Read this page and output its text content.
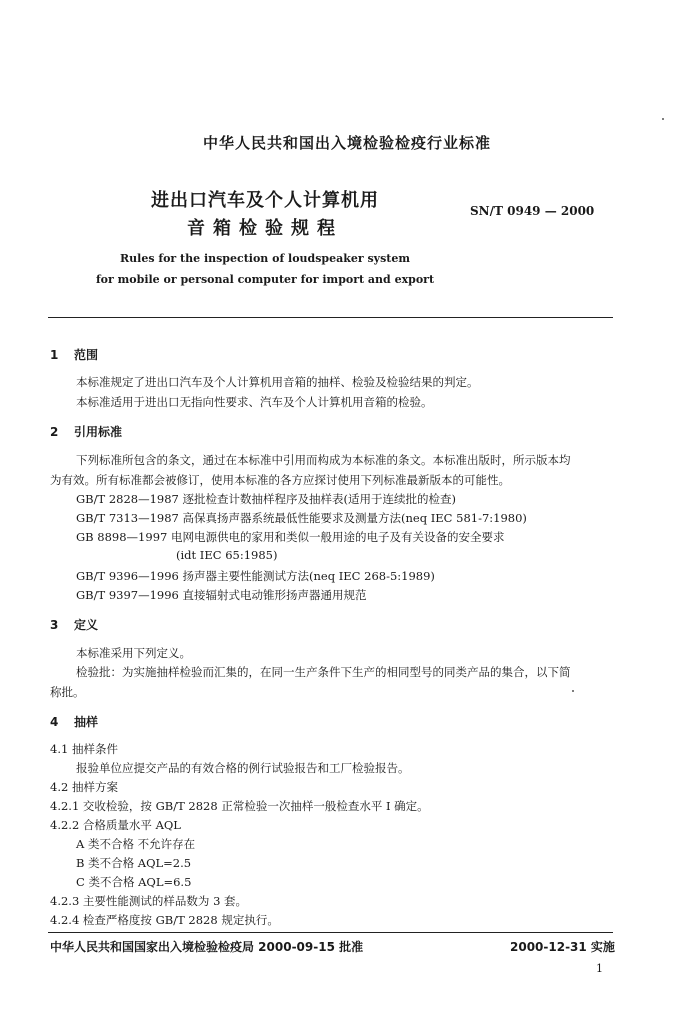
中华人民共和国出入境检验检疫行业标准
进出口汽车及个人计算机用
音箱检验规程
SN/T 0949 — 2000
Rules for the inspection of loudspeaker system
for mobile or personal computer for import and export
1 范围
本标准规定了进出口汽车及个人计算机用音箱的抽样、检验及检验结果的判定。
本标准适用于进出口无指向性要求、汽车及个人计算机用音箱的检验。
2 引用标准
下列标准所包含的条文，通过在本标准中引用而构成为本标准的条文。本标准出版时，所示版本均
为有效。所有标准都会被修订，使用本标准的各方应探讨使用下列标准最新版本的可能性。
GB/T 2828—1987 逐批检查计数抽样程序及抽样表(适用于连续批的检查)
GB/T 7313—1987 高保真扬声器系统最低性能要求及测量方法(neq IEC 581-7:1980)
GB 8898—1997 电网电源供电的家用和类似一般用途的电子及有关设备的安全要求
(idt IEC 65:1985)
GB/T 9396—1996 扬声器主要性能测试方法(neq IEC 268-5:1989)
GB/T 9397—1996 直接辐射式电动锥形扬声器通用规范
3 定义
本标准采用下列定义。
检验批：为实施抽样检验而汇集的，在同一生产条件下生产的相同型号的同类产品的集合，以下简
称批。
4 抽样
4.1 抽样条件
报验单位应提交产品的有效合格的例行试验报告和工厂检验报告。
4.2 抽样方案
4.2.1 交收检验，按 GB/T 2828 正常检验一次抽样一般检查水平 I 确定。
4.2.2 合格质量水平 AQL
A 类不合格 不允许存在
B 类不合格 AQL=2.5
C 类不合格 AQL=6.5
4.2.3 主要性能测试的样品数为 3 套。
4.2.4 检查严格度按 GB/T 2828 规定执行。
中华人民共和国国家出入境检验检疫局 2000-09-15 批准	2000-12-31 实施
1
